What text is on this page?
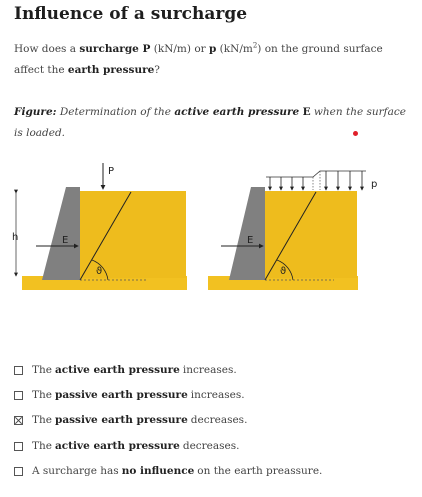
Influence of a surcharge
How does a surcharge P (kN/m) or p $(kN/m^2)$ on the ground surface affect the earth pressure?
Figure: Determination of the active earth pressure E when the surface is loaded.
ϑ
E
P
h
ϑ
E
p
The active earth pressure increases.
The passive earth pressure increases.
The passive earth pressure decreases.
The active earth pressure decreases.
A surcharge has no influence on the earth preassure.
